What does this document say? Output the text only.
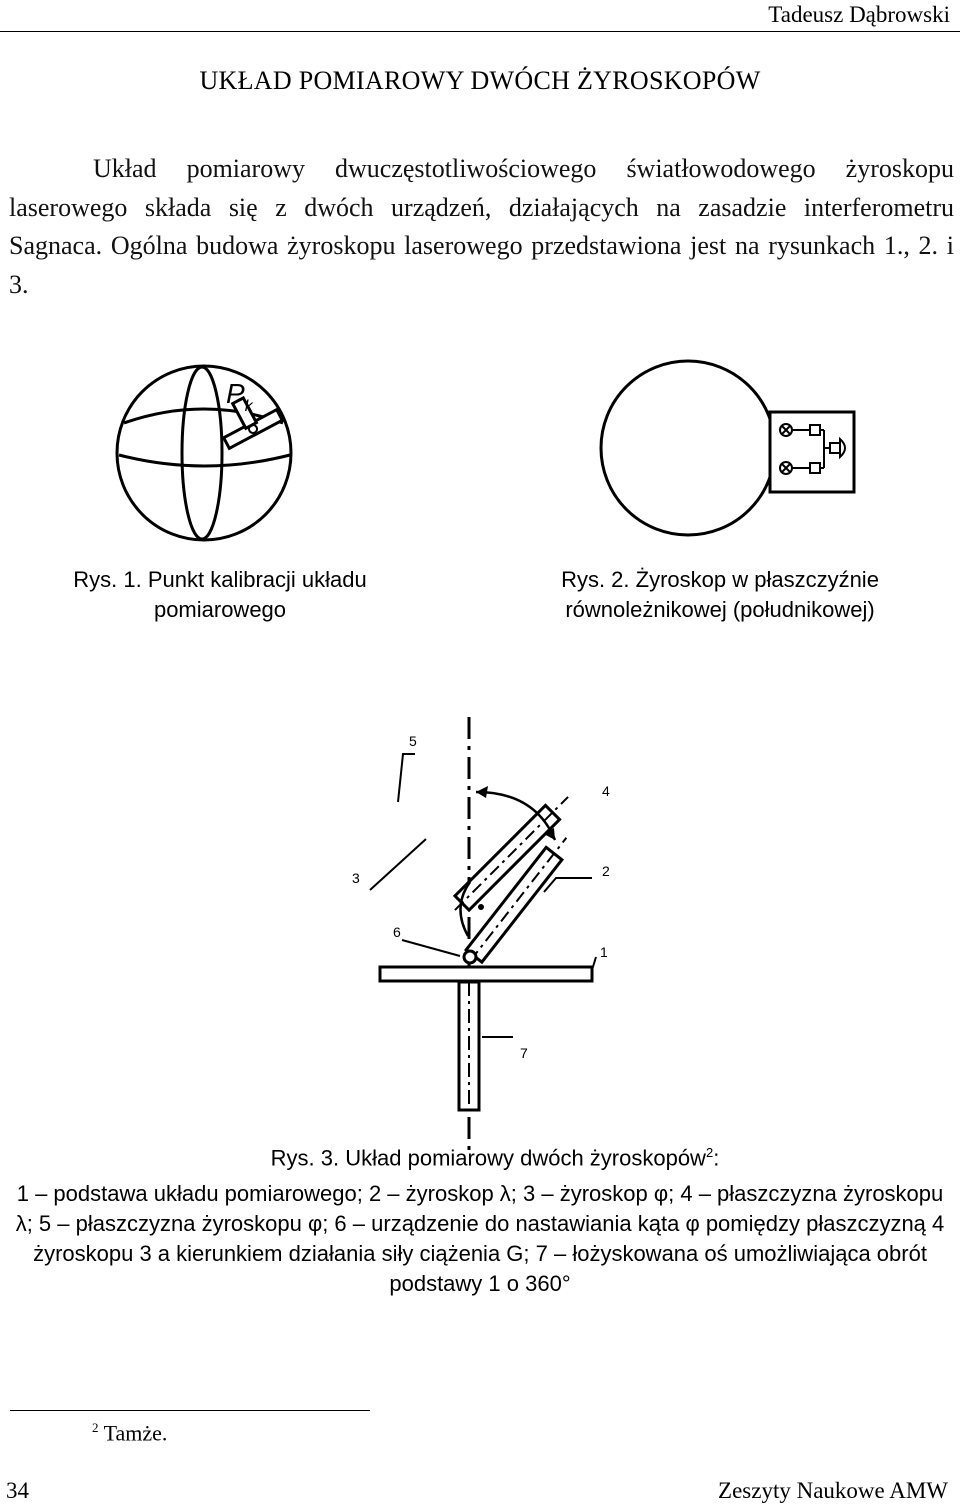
Tadeusz Dąbrowski
UKŁAD POMIAROWY DWÓCH ŻYROSKOPÓW

Układ pomiarowy dwuczęstotliwościowego światłowodowego żyroskopu laserowego składa się z dwóch urządzeń, działających na zasadzie interferometru Sagnaca. Ogólna budowa żyroskopu laserowego przedstawiona jest na rysunkach 1., 2. i 3.

$P_k$
Rys. 1. Punkt kalibracji układu
pomiarowego
Rys. 2. Żyroskop w płaszczyźnie
równoleżnikowej (południkowej)
5
4
3	2
6
1
7
Rys. 3. Układ pomiarowy dwóch żyroskopów$^2$:
1 – podstawa układu pomiarowego; 2 – żyroskop λ; 3 – żyroskop φ; 4 – płaszczyzna żyroskopu λ; 5 – płaszczyzna żyroskopu φ; 6 – urządzenie do nastawiania kąta φ pomiędzy płaszczyzną 4 żyroskopu 3 a kierunkiem działania siły ciążenia G; 7 – łożyskowana oś umożliwiająca obrót podstawy 1 o 360°
$^2$ Tamże.
34	Zeszyty Naukowe AMW
